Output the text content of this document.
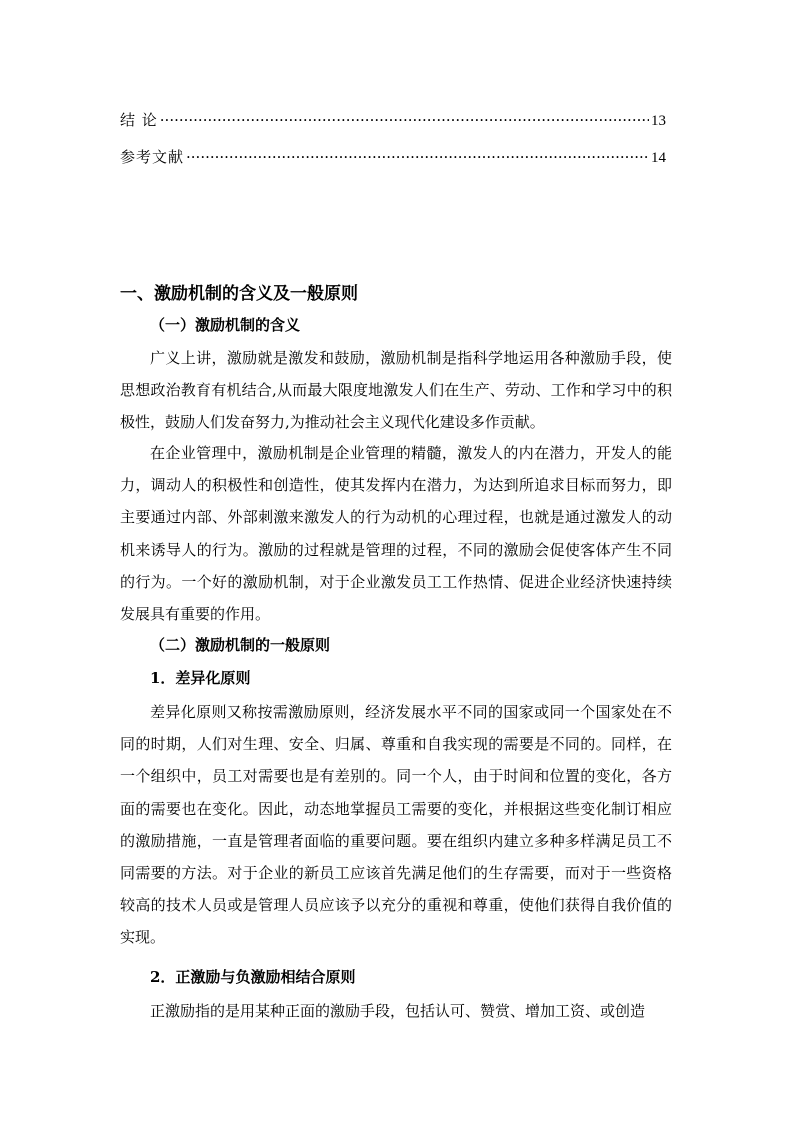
结 论 ·····	13
参考文献 ·····	14
一、激励机制的含义及一般原则
（一）激励机制的含义
广义上讲，激励就是激发和鼓励，激励机制是指科学地运用各种激励手段，使思想政治教育有机结合,从而最大限度地激发人们在生产、劳动、工作和学习中的积极性，鼓励人们发奋努力,为推动社会主义现代化建设多作贡献。
在企业管理中，激励机制是企业管理的精髓，激发人的内在潜力，开发人的能力，调动人的积极性和创造性，使其发挥内在潜力，为达到所追求目标而努力，即主要通过内部、外部刺激来激发人的行为动机的心理过程，也就是通过激发人的动机来诱导人的行为。激励的过程就是管理的过程，不同的激励会促使客体产生不同的行为。一个好的激励机制，对于企业激发员工工作热情、促进企业经济快速持续发展具有重要的作用。
（二）激励机制的一般原则
1．差异化原则
差异化原则又称按需激励原则，经济发展水平不同的国家或同一个国家处在不同的时期，人们对生理、安全、归属、尊重和自我实现的需要是不同的。同样，在一个组织中，员工对需要也是有差别的。同一个人，由于时间和位置的变化，各方面的需要也在变化。因此，动态地掌握员工需要的变化，并根据这些变化制订相应的激励措施，一直是管理者面临的重要问题。要在组织内建立多种多样满足员工不同需要的方法。对于企业的新员工应该首先满足他们的生存需要，而对于一些资格较高的技术人员或是管理人员应该予以充分的重视和尊重，使他们获得自我价值的实现。
2．正激励与负激励相结合原则
正激励指的是用某种正面的激励手段，包括认可、赞赏、增加工资、或创造
